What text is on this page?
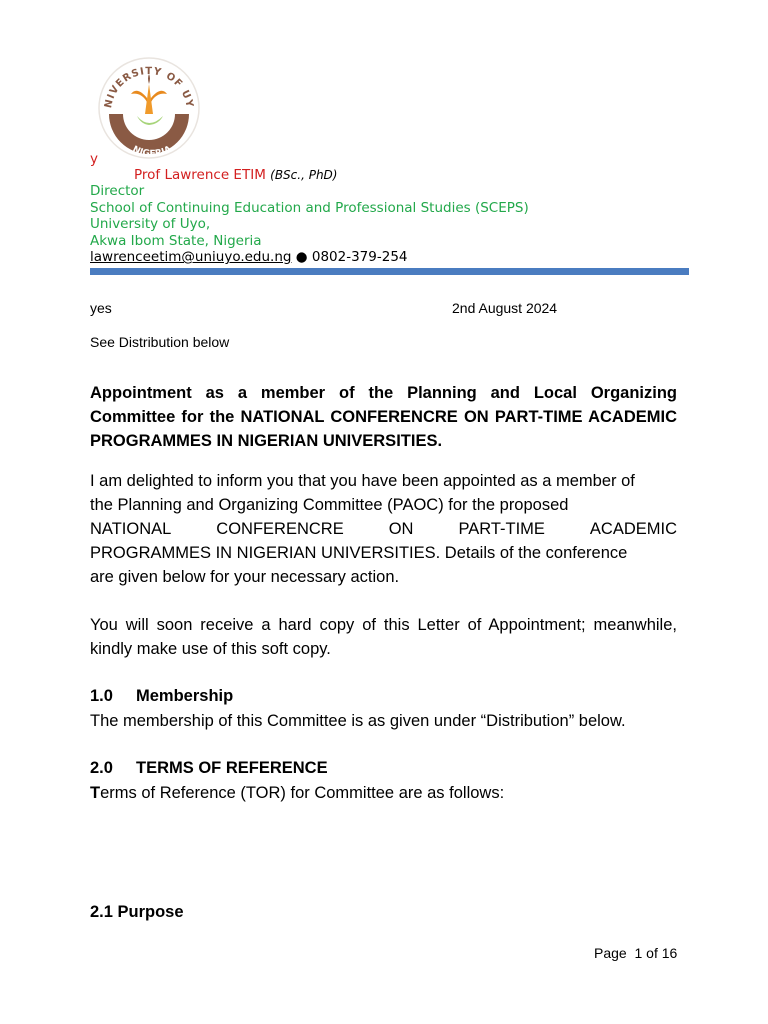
NIVERSITY OF UY
NIGERIA
y
Prof Lawrence ETIM (BSc., PhD)
Director
School of Continuing Education and Professional Studies (SCEPS)
University of Uyo,
Akwa Ibom State, Nigeria
lawrenceetim@uniuyo.edu.ng ● 0802-379-254
yes	2nd August 2024
See Distribution below
Appointment as a member of the Planning and Local Organizing Committee for the NATIONAL CONFERENCRE ON PART-TIME ACADEMIC PROGRAMMES IN NIGERIAN UNIVERSITIES.
I am delighted to inform you that you have been appointed as a member of
the Planning and Organizing Committee (PAOC) for the proposed
NATIONAL	CONFERENCRE	ON	PART-TIME	ACADEMIC
PROGRAMMES IN NIGERIAN UNIVERSITIES. Details of the conference
are given below for your necessary action.
You will soon receive a hard copy of this Letter of Appointment; meanwhile, kindly make use of this soft copy.
1.0 Membership
The membership of this Committee is as given under “Distribution” below.
2.0 TERMS OF REFERENCE
Terms of Reference (TOR) for Committee are as follows:
2.1 Purpose
Page 1 of 16
